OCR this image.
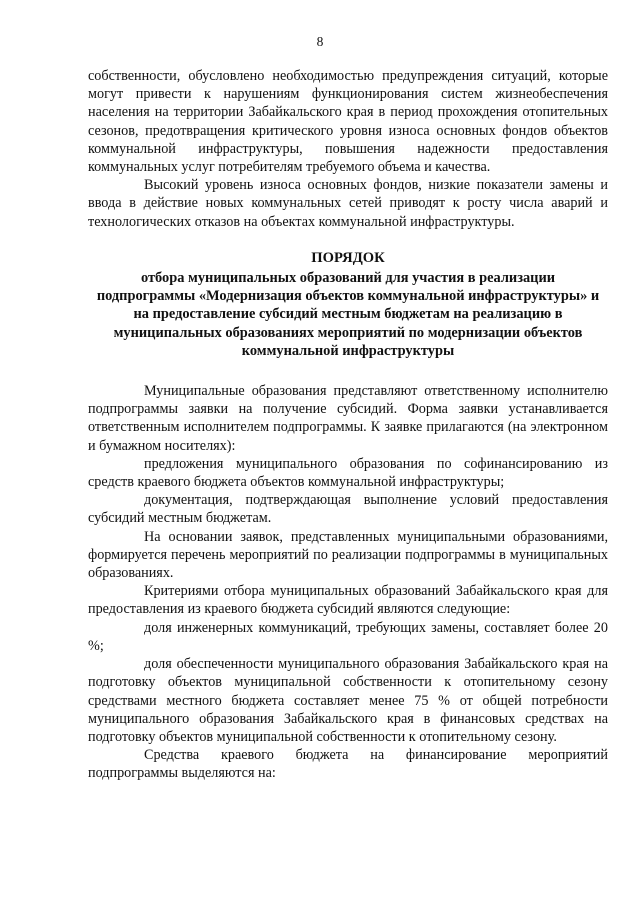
8

собственности, обусловлено необходимостью предупреждения ситуаций, которые могут привести к нарушениям функционирования систем жизнеобеспечения населения на территории Забайкальского края в период прохождения отопительных сезонов, предотвращения критического уровня износа основных фондов объектов коммунальной инфраструктуры, повышения надежности предоставления коммунальных услуг потребителям требуемого объема и качества.

Высокий уровень износа основных фондов, низкие показатели замены и ввода в действие новых коммунальных сетей приводят к росту числа аварий и технологических отказов на объектах коммунальной инфраструктуры.

ПОРЯДОК
отбора муниципальных образований для участия в реализации подпрограммы «Модернизация объектов коммунальной инфраструктуры» и на предоставление субсидий местным бюджетам на реализацию в муниципальных образованиях мероприятий по модернизации объектов коммунальной инфраструктуры

Муниципальные образования представляют ответственному исполнителю подпрограммы заявки на получение субсидий. Форма заявки устанавливается ответственным исполнителем подпрограммы. К заявке прилагаются (на электронном и бумажном носителях):

предложения муниципального образования по софинансированию из средств краевого бюджета объектов коммунальной инфраструктуры;

документация, подтверждающая выполнение условий предоставления субсидий местным бюджетам.

На основании заявок, представленных муниципальными образованиями, формируется перечень мероприятий по реализации подпрограммы в муниципальных образованиях.

Критериями отбора муниципальных образований Забайкальского края для предоставления из краевого бюджета субсидий являются следующие:

доля инженерных коммуникаций, требующих замены, составляет более 20 %;

доля обеспеченности муниципального образования Забайкальского края на подготовку объектов муниципальной собственности к отопительному сезону средствами местного бюджета составляет менее 75 % от общей потребности муниципального образования Забайкальского края в финансовых средствах на подготовку объектов муниципальной собственности к отопительному сезону.

Средства краевого бюджета на финансирование мероприятий подпрограммы выделяются на:
